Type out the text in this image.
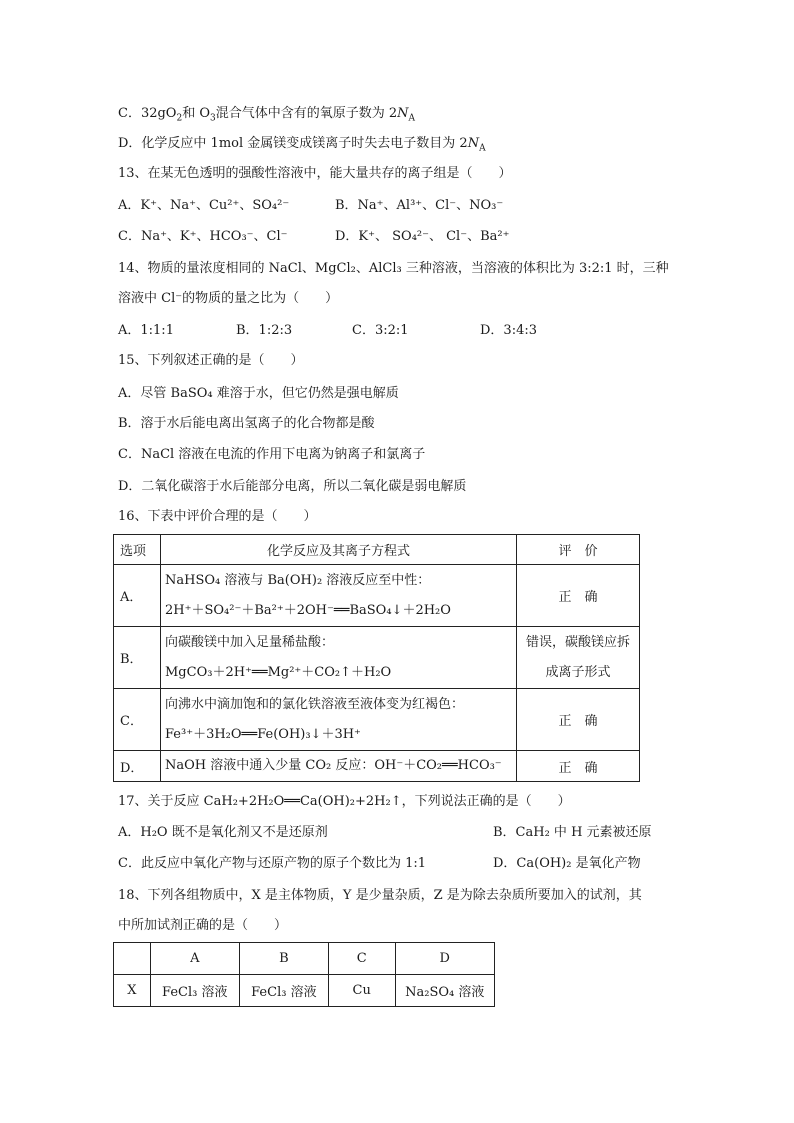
C．$32gO_2$和 $O_3$混合气体中含有的氧原子数为 $2N_A$
D．化学反应中 1mol 金属镁变成镁离子时失去电子数目为 $2N_A$
13、在某无色透明的强酸性溶液中，能大量共存的离子组是（　　）
A．K⁺、Na⁺、Cu²⁺、SO₄²⁻	B．Na⁺、Al³⁺、Cl⁻、NO₃⁻
C．Na⁺、K⁺、HCO₃⁻、Cl⁻	D．K⁺、 SO₄²⁻、 Cl⁻、Ba²⁺
14、物质的量浓度相同的 NaCl、MgCl₂、AlCl₃ 三种溶液，当溶液的体积比为 3:2:1 时，三种
溶液中 Cl⁻的物质的量之比为（　　）
A．1:1:1	B．1:2:3	C．3:2:1	D．3:4:3
15、下列叙述正确的是（　　）
A．尽管 BaSO₄ 难溶于水，但它仍然是强电解质
B．溶于水后能电离出氢离子的化合物都是酸
C．NaCl 溶液在电流的作用下电离为钠离子和氯离子
D．二氧化碳溶于水后能部分电离，所以二氧化碳是弱电解质
16、下表中评价合理的是（　　）
选项	化学反应及其离子方程式	评　价
A．	NaHSO₄ 溶液与 Ba(OH)₂ 溶液反应至中性：
2H⁺＋SO₄²⁻＋Ba²⁺＋2OH⁻══BaSO₄↓＋2H₂O	正　确
B．	向碳酸镁中加入足量稀盐酸：
MgCO₃＋2H⁺══Mg²⁺＋CO₂↑＋H₂O	错误，碳酸镁应拆
成离子形式

C．	向沸水中滴加饱和的氯化铁溶液至液体变为红褐色：
Fe³⁺＋3H₂O══Fe(OH)₃↓＋3H⁺	正　确
D．	NaOH 溶液中通入少量 CO₂ 反应：OH⁻＋CO₂══HCO₃⁻	正　确
17、关于反应 CaH₂+2H₂O══Ca(OH)₂+2H₂↑，下列说法正确的是（　　）
A．H₂O 既不是氧化剂又不是还原剂	B．CaH₂ 中 H 元素被还原
C．此反应中氧化产物与还原产物的原子个数比为 1:1	D．Ca(OH)₂ 是氧化产物
18、下列各组物质中，X 是主体物质，Y 是少量杂质，Z 是为除去杂质所要加入的试剂，其
中所加试剂正确的是（　　）
	A	B	C	D
X	FeCl₃ 溶液	FeCl₃ 溶液	Cu	Na₂SO₄ 溶液
